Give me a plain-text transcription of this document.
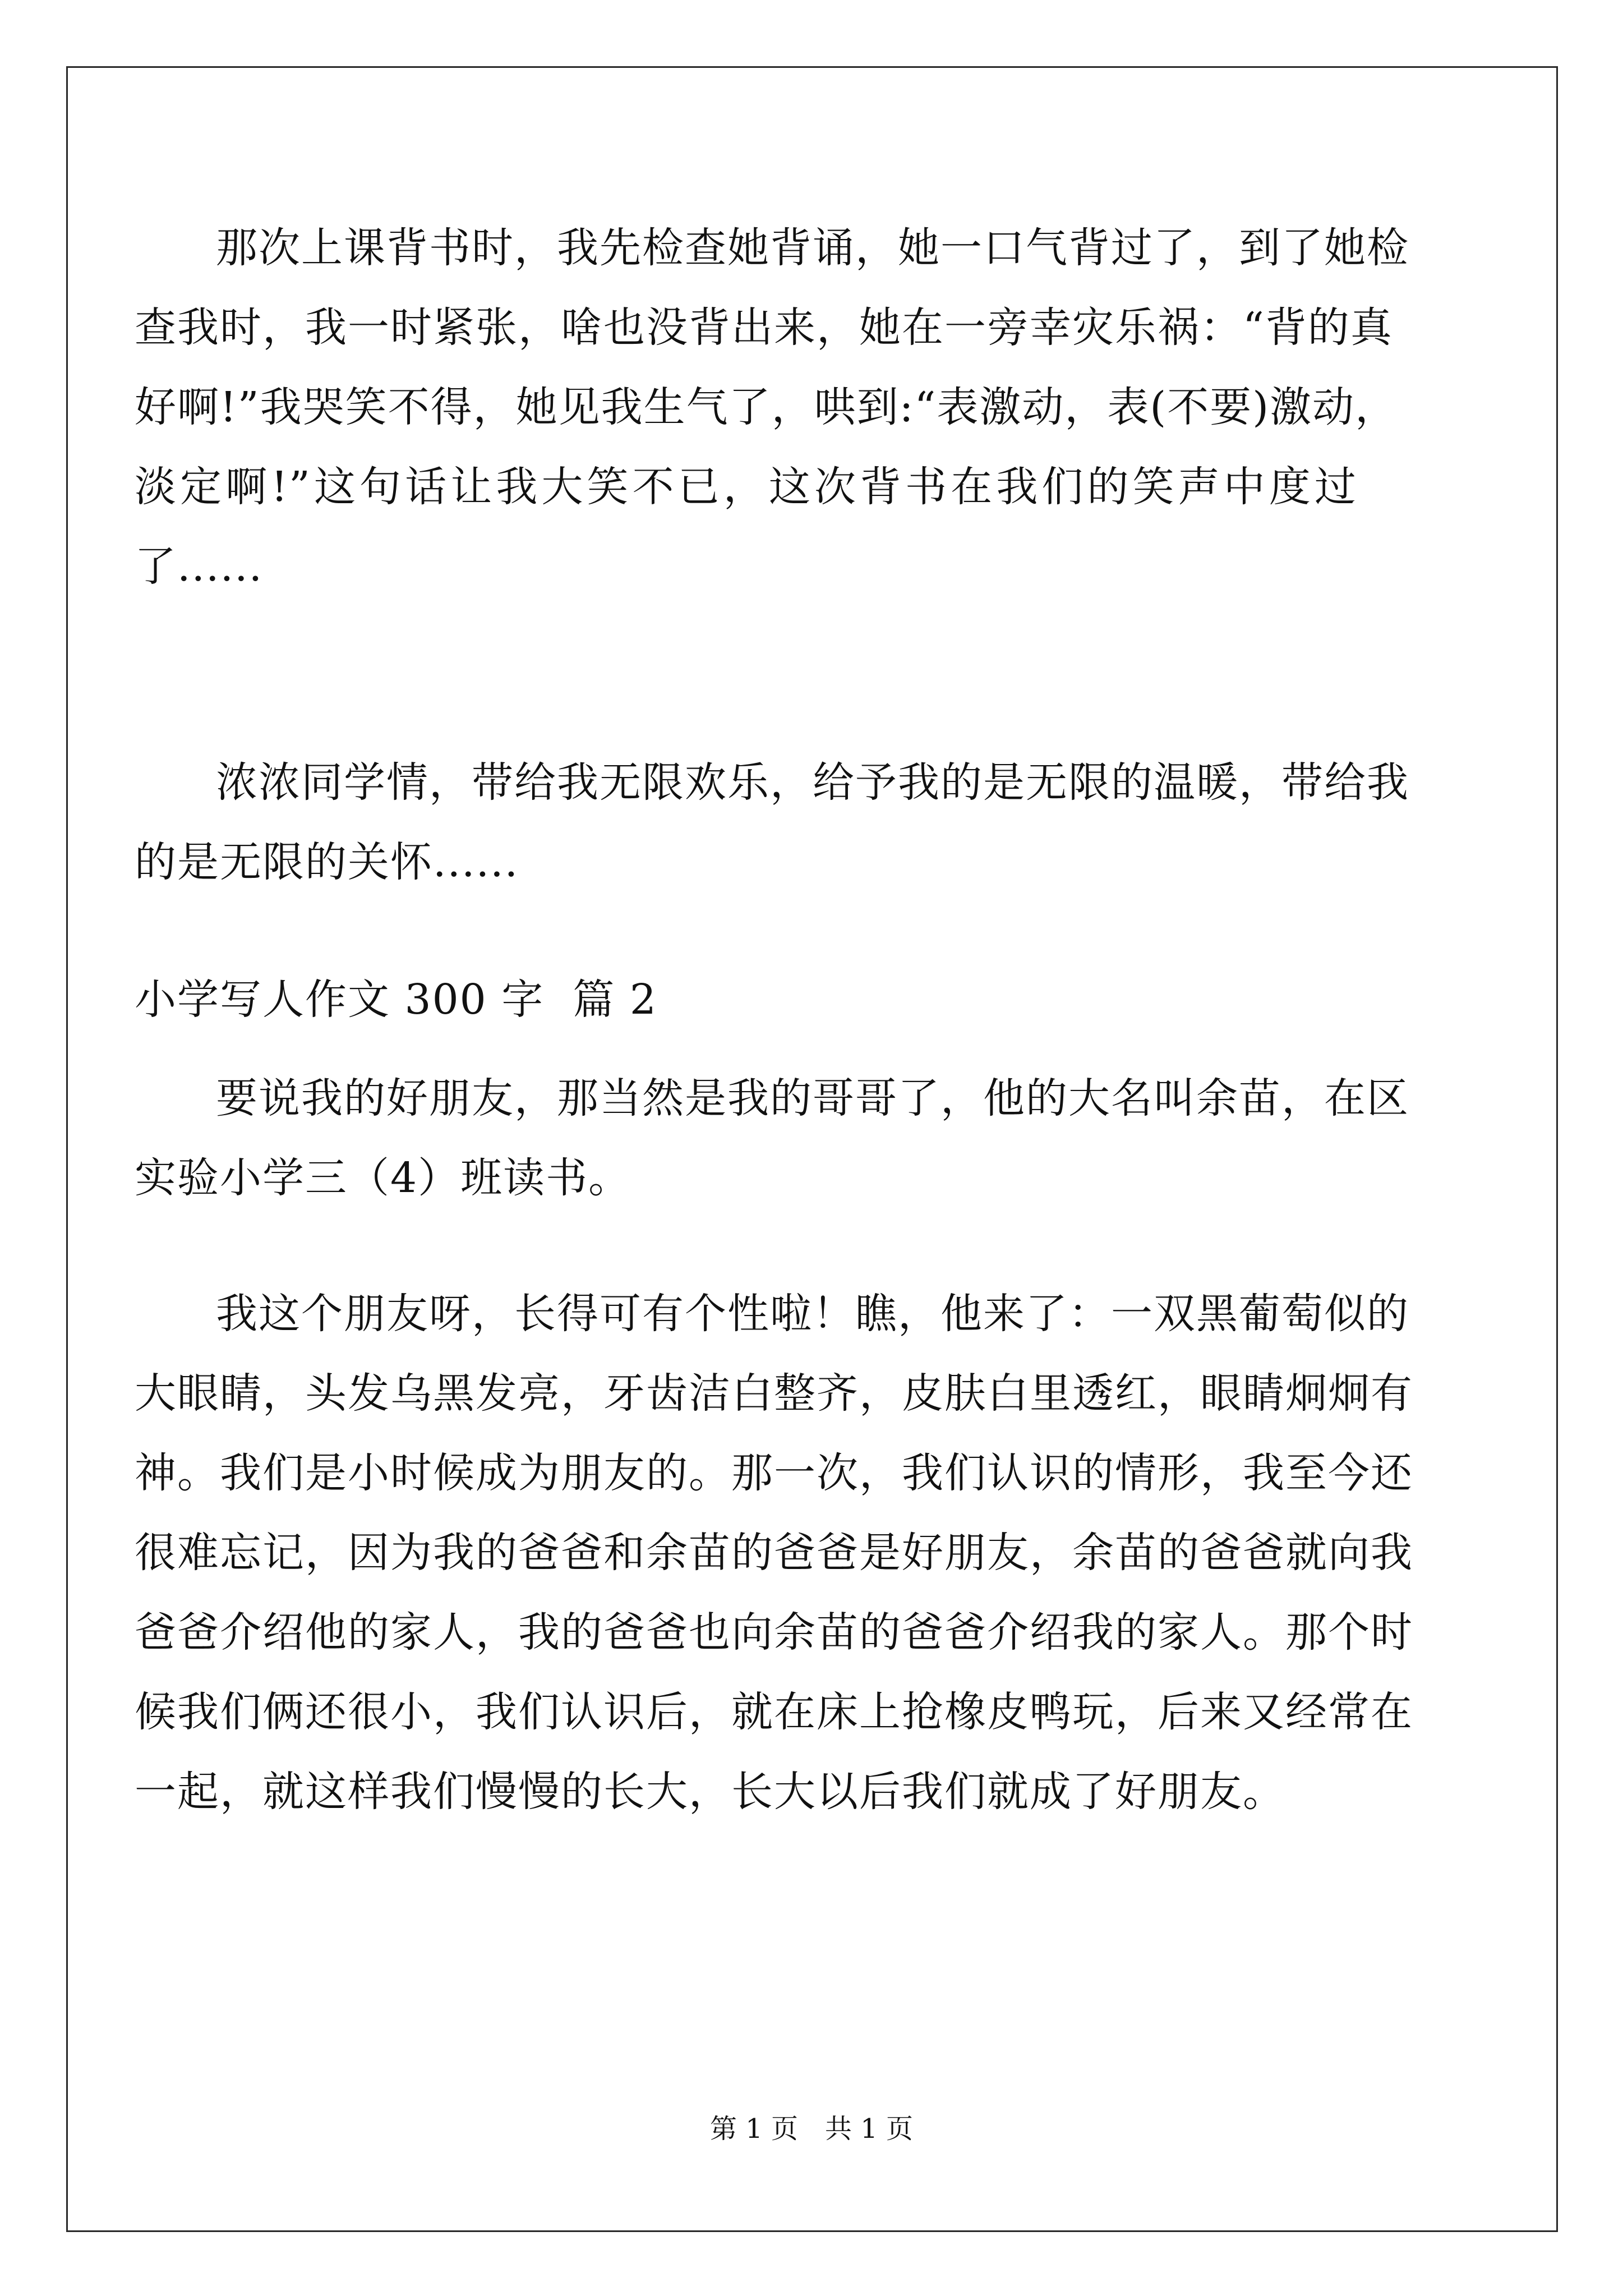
那次上课背书时，我先检查她背诵，她一口气背过了，到了她检
查我时，我一时紧张，啥也没背出来，她在一旁幸灾乐祸：“背的真
好啊!”我哭笑不得，她见我生气了，哄到:“表激动，表(不要)激动，
淡定啊!”这句话让我大笑不已，这次背书在我们的笑声中度过
了......
浓浓同学情，带给我无限欢乐，给予我的是无限的温暖，带给我
的是无限的关怀......
小学写人作文 300 字  篇 2
要说我的好朋友，那当然是我的哥哥了，他的大名叫余苗，在区
实验小学三（4）班读书。
我这个朋友呀，长得可有个性啦！瞧，他来了：一双黑葡萄似的
大眼睛，头发乌黑发亮，牙齿洁白整齐，皮肤白里透红，眼睛炯炯有
神。我们是小时候成为朋友的。那一次，我们认识的情形，我至今还
很难忘记，因为我的爸爸和余苗的爸爸是好朋友，余苗的爸爸就向我
爸爸介绍他的家人，我的爸爸也向余苗的爸爸介绍我的家人。那个时
候我们俩还很小，我们认识后，就在床上抢橡皮鸭玩，后来又经常在
一起，就这样我们慢慢的长大，长大以后我们就成了好朋友。
第 1 页　共 1 页
